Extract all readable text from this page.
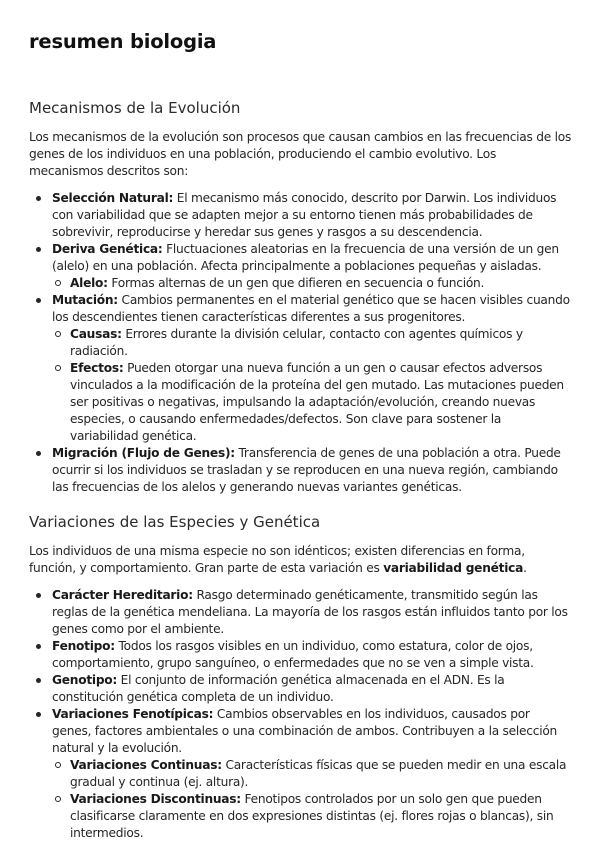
resumen biologia
Mecanismos de la Evolución

Los mecanismos de la evolución son procesos que causan cambios en las frecuencias de los genes de los individuos en una población, produciendo el cambio evolutivo. Los mecanismos descritos son:

Selección Natural: El mecanismo más conocido, descrito por Darwin. Los individuos con variabilidad que se adapten mejor a su entorno tienen más probabilidades de sobrevivir, reproducirse y heredar sus genes y rasgos a su descendencia.
Deriva Genética: Fluctuaciones aleatorias en la frecuencia de una versión de un gen (alelo) en una población. Afecta principalmente a poblaciones pequeñas y aisladas.
Alelo: Formas alternas de un gen que difieren en secuencia o función.
Mutación: Cambios permanentes en el material genético que se hacen visibles cuando los descendientes tienen características diferentes a sus progenitores.
Causas: Errores durante la división celular, contacto con agentes químicos y radiación.
Efectos: Pueden otorgar una nueva función a un gen o causar efectos adversos vinculados a la modificación de la proteína del gen mutado. Las mutaciones pueden ser positivas o negativas, impulsando la adaptación/evolución, creando nuevas especies, o causando enfermedades/defectos. Son clave para sostener la variabilidad genética.
Migración (Flujo de Genes): Transferencia de genes de una población a otra. Puede ocurrir si los individuos se trasladan y se reproducen en una nueva región, cambiando las frecuencias de los alelos y generando nuevas variantes genéticas.
Variaciones de las Especies y Genética

Los individuos de una misma especie no son idénticos; existen diferencias en forma, función, y comportamiento. Gran parte de esta variación es variabilidad genética.

Carácter Hereditario: Rasgo determinado genéticamente, transmitido según las reglas de la genética mendeliana. La mayoría de los rasgos están influidos tanto por los genes como por el ambiente.
Fenotipo: Todos los rasgos visibles en un individuo, como estatura, color de ojos, comportamiento, grupo sanguíneo, o enfermedades que no se ven a simple vista.
Genotipo: El conjunto de información genética almacenada en el ADN. Es la constitución genética completa de un individuo.
Variaciones Fenotípicas: Cambios observables en los individuos, causados por genes, factores ambientales o una combinación de ambos. Contribuyen a la selección natural y la evolución.
Variaciones Continuas: Características físicas que se pueden medir en una escala gradual y continua (ej. altura).
Variaciones Discontinuas: Fenotipos controlados por un solo gen que pueden clasificarse claramente en dos expresiones distintas (ej. flores rojas o blancas), sin intermedios.
